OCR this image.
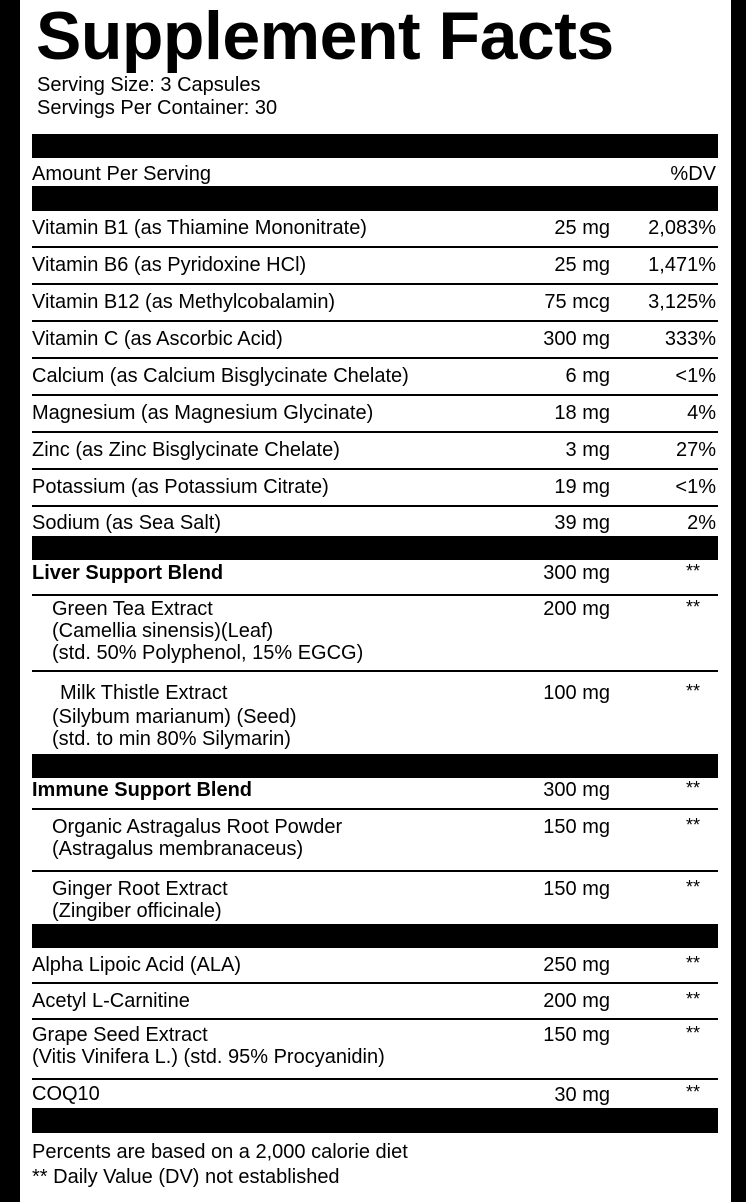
Supplement Facts
Serving Size: 3 Capsules
Servings Per Container: 30
Amount Per Serving	%DV
Vitamin B1 (as Thiamine Mononitrate)	25 mg 2,083%
Vitamin B6 (as Pyridoxine HCl)	25 mg 1,471%
Vitamin B12 (as Methylcobalamin)	75 mcg 3,125%
Vitamin C (as Ascorbic Acid)	300 mg	333%
Calcium (as Calcium Bisglycinate Chelate)	6 mg	<1%
Magnesium (as Magnesium Glycinate)	18 mg	4%
Zinc (as Zinc Bisglycinate Chelate)	3 mg	27%
Potassium (as Potassium Citrate)	19 mg	<1%
Sodium (as Sea Salt)	39 mg	2%
Liver Support Blend	300 mg	**
Green Tea Extract
(Camellia sinensis)(Leaf)
(std. 50% Polyphenol, 15% EGCG)
200 mg	**
Milk Thistle Extract
(Silybum marianum) (Seed)
(std. to min 80% Silymarin)
100 mg	**
Immune Support Blend	300 mg	**
Organic Astragalus Root Powder
(Astragalus membranaceus)
150 mg	**
Ginger Root Extract
(Zingiber officinale)
150 mg	**
Alpha Lipoic Acid (ALA)	250 mg	**
Acetyl L-Carnitine	200 mg	**
Grape Seed Extract
(Vitis Vinifera L.) (std. 95% Procyanidin)
150 mg	**
COQ10	30 mg	**
Percents are based on a 2,000 calorie diet
** Daily Value (DV) not established
